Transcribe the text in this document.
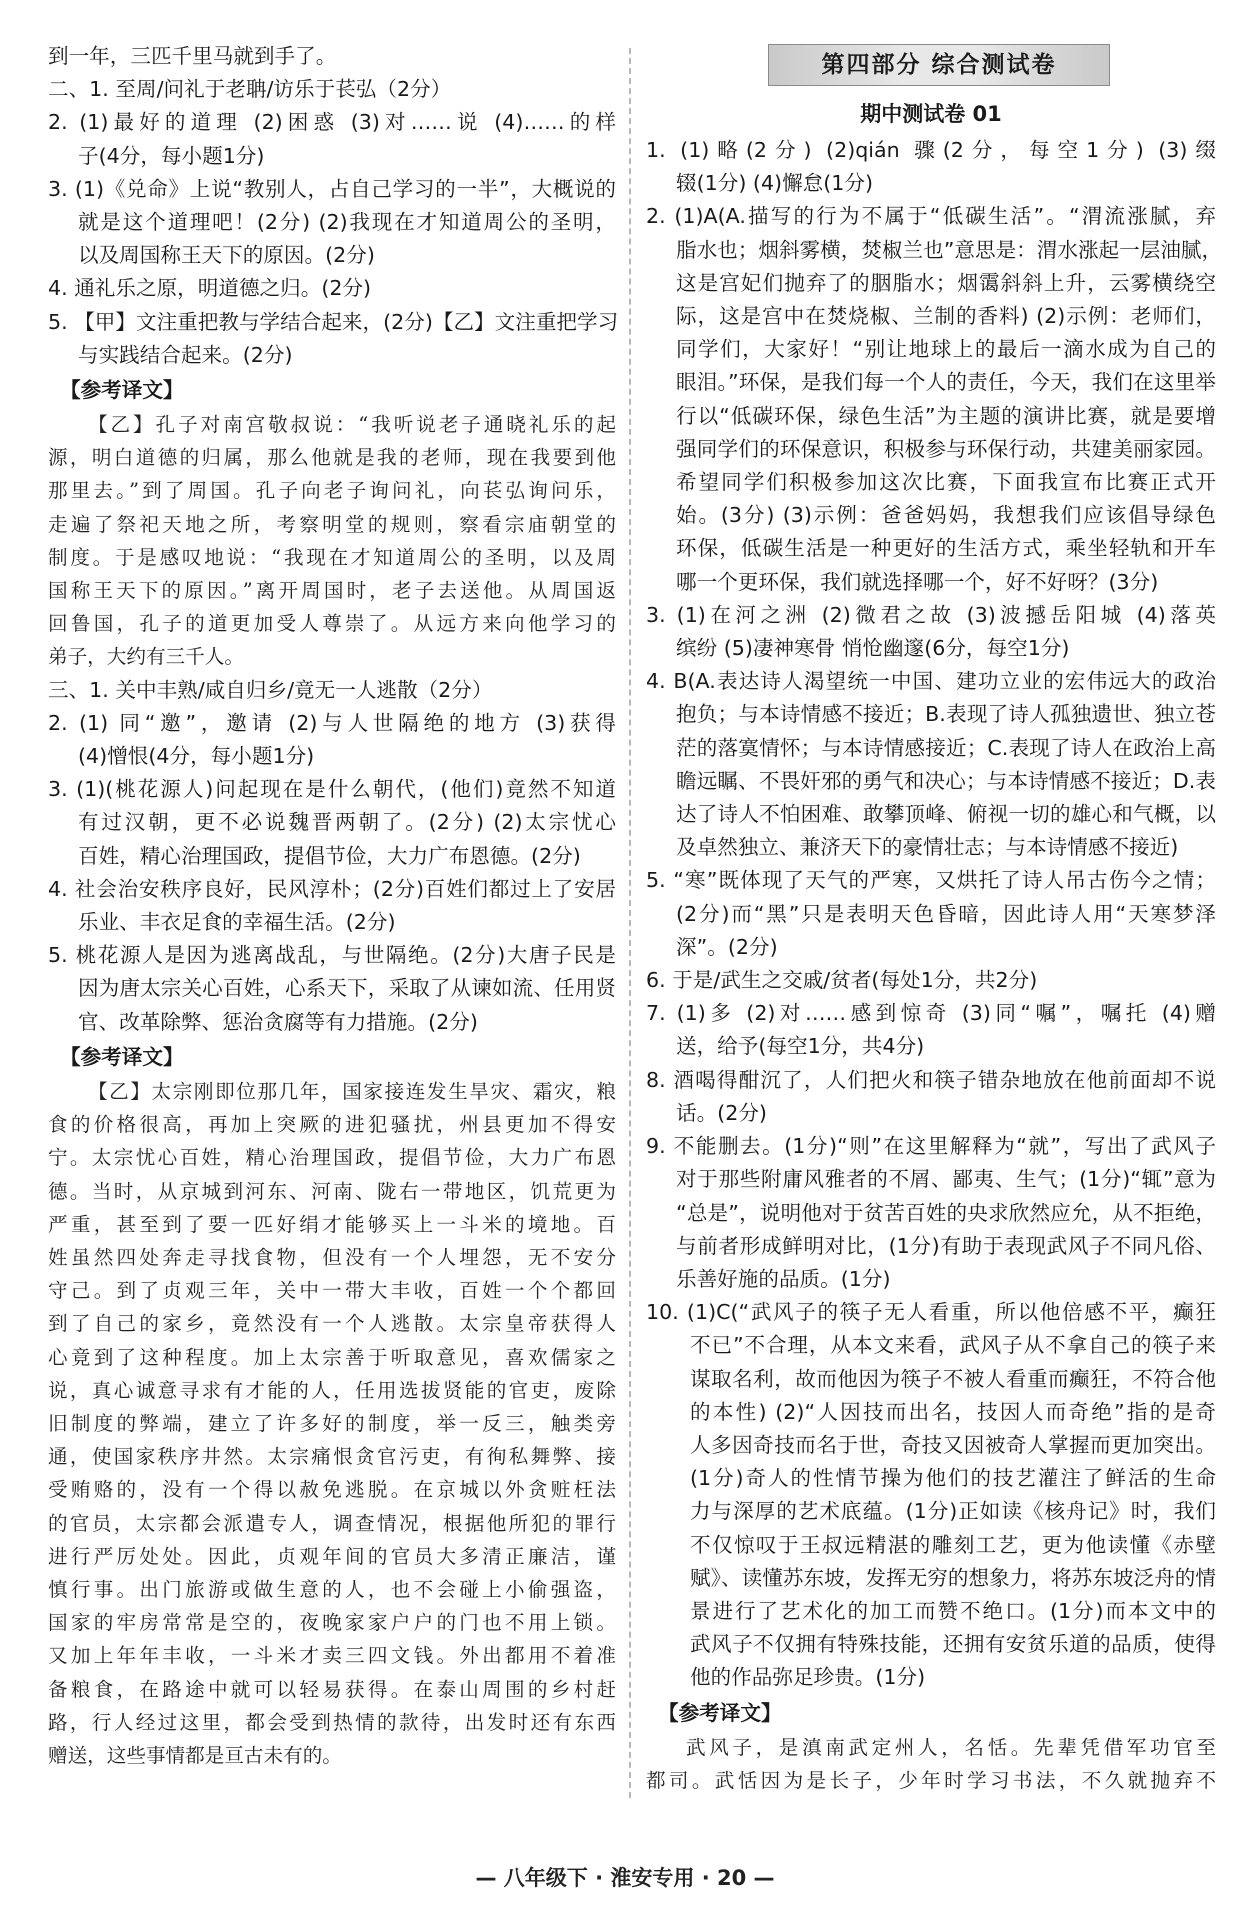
到一年，三匹千里马就到手了。
二、1. 至周/问礼于老聃/访乐于苌弘（2分）
2. (1)最好的道理 (2)困惑 (3)对……说 (4)……的样
子(4分，每小题1分)
3. (1)《兑命》上说“教别人，占自己学习的一半”，大概说的
就是这个道理吧！(2分) (2)我现在才知道周公的圣明，
以及周国称王天下的原因。(2分)
4. 通礼乐之原，明道德之归。(2分)
5. 【甲】文注重把教与学结合起来，(2分)【乙】文注重把学习
与实践结合起来。(2分)
【参考译文】
【乙】孔子对南宫敬叔说：“我听说老子通晓礼乐的起
源，明白道德的归属，那么他就是我的老师，现在我要到他
那里去。”到了周国。孔子向老子询问礼，向苌弘询问乐，
走遍了祭祀天地之所，考察明堂的规则，察看宗庙朝堂的
制度。于是感叹地说：“我现在才知道周公的圣明，以及周
国称王天下的原因。”离开周国时，老子去送他。从周国返
回鲁国，孔子的道更加受人尊崇了。从远方来向他学习的
弟子，大约有三千人。
三、1. 关中丰熟/咸自归乡/竟无一人逃散（2分）
2. (1) 同“邀”，邀请 (2)与人世隔绝的地方 (3)获得
(4)憎恨(4分，每小题1分)
3. (1)(桃花源人)问起现在是什么朝代，(他们)竟然不知道
有过汉朝，更不必说魏晋两朝了。(2分) (2)太宗忧心
百姓，精心治理国政，提倡节俭，大力广布恩德。(2分)
4. 社会治安秩序良好，民风淳朴；(2分)百姓们都过上了安居
乐业、丰衣足食的幸福生活。(2分)
5. 桃花源人是因为逃离战乱，与世隔绝。(2分)大唐子民是
因为唐太宗关心百姓，心系天下，采取了从谏如流、任用贤
官、改革除弊、惩治贪腐等有力措施。(2分)
【参考译文】
【乙】太宗刚即位那几年，国家接连发生旱灾、霜灾，粮
食的价格很高，再加上突厥的进犯骚扰，州县更加不得安
宁。太宗忧心百姓，精心治理国政，提倡节俭，大力广布恩
德。当时，从京城到河东、河南、陇右一带地区，饥荒更为
严重，甚至到了要一匹好绢才能够买上一斗米的境地。百
姓虽然四处奔走寻找食物，但没有一个人埋怨，无不安分
守己。到了贞观三年，关中一带大丰收，百姓一个个都回
到了自己的家乡，竟然没有一个人逃散。太宗皇帝获得人
心竟到了这种程度。加上太宗善于听取意见，喜欢儒家之
说，真心诚意寻求有才能的人，任用选拔贤能的官吏，废除
旧制度的弊端，建立了许多好的制度，举一反三，触类旁
通，使国家秩序井然。太宗痛恨贪官污吏，有徇私舞弊、接
受贿赂的，没有一个得以赦免逃脱。在京城以外贪赃枉法
的官员，太宗都会派遣专人，调查情况，根据他所犯的罪行
进行严厉处处。因此，贞观年间的官员大多清正廉洁，谨
慎行事。出门旅游或做生意的人，也不会碰上小偷强盗，
国家的牢房常常是空的，夜晚家家户户的门也不用上锁。
又加上年年丰收，一斗米才卖三四文钱。外出都用不着准
备粮食，在路途中就可以轻易获得。在泰山周围的乡村赶
路，行人经过这里，都会受到热情的款待，出发时还有东西
赠送，这些事情都是亘古未有的。
第四部分 综合测试卷
期中测试卷 01
1. (1)略(2分) (2)qián 骤(2分，每空1分) (3)缀
辍(1分) (4)懈怠(1分)
2. (1)A(A.描写的行为不属于“低碳生活”。“渭流涨腻，弃
脂水也；烟斜雾横，焚椒兰也”意思是：渭水涨起一层油腻，
这是宫妃们抛弃了的胭脂水；烟霭斜斜上升，云雾横绕空
际，这是宫中在焚烧椒、兰制的香料) (2)示例：老师们，
同学们，大家好！“别让地球上的最后一滴水成为自己的
眼泪。”环保，是我们每一个人的责任，今天，我们在这里举
行以“低碳环保，绿色生活”为主题的演讲比赛，就是要增
强同学们的环保意识，积极参与环保行动，共建美丽家园。
希望同学们积极参加这次比赛，下面我宣布比赛正式开
始。(3分) (3)示例：爸爸妈妈，我想我们应该倡导绿色
环保，低碳生活是一种更好的生活方式，乘坐轻轨和开车
哪一个更环保，我们就选择哪一个，好不好呀？(3分)
3. (1)在河之洲 (2)微君之故 (3)波撼岳阳城 (4)落英
缤纷 (5)凄神寒骨 悄怆幽邃(6分，每空1分)
4. B(A.表达诗人渴望统一中国、建功立业的宏伟远大的政治
抱负；与本诗情感不接近；B.表现了诗人孤独遗世、独立苍
茫的落寞情怀；与本诗情感接近；C.表现了诗人在政治上高
瞻远瞩、不畏奸邪的勇气和决心；与本诗情感不接近；D.表
达了诗人不怕困难、敢攀顶峰、俯视一切的雄心和气概，以
及卓然独立、兼济天下的豪情壮志；与本诗情感不接近)
5. “寒”既体现了天气的严寒，又烘托了诗人吊古伤今之情；
(2分)而“黑”只是表明天色昏暗，因此诗人用“天寒梦泽
深”。(2分)
6. 于是/武生之交戚/贫者(每处1分，共2分)
7. (1)多 (2)对……感到惊奇 (3)同“嘱”，嘱托 (4)赠
送，给予(每空1分，共4分)
8. 酒喝得酣沉了，人们把火和筷子错杂地放在他前面却不说
话。(2分)
9. 不能删去。(1分)“则”在这里解释为“就”，写出了武风子
对于那些附庸风雅者的不屑、鄙夷、生气；(1分)“辄”意为
“总是”，说明他对于贫苦百姓的央求欣然应允，从不拒绝，
与前者形成鲜明对比，(1分)有助于表现武风子不同凡俗、
乐善好施的品质。(1分)
10. (1)C(“武风子的筷子无人看重，所以他倍感不平，癫狂
不已”不合理，从本文来看，武风子从不拿自己的筷子来
谋取名利，故而他因为筷子不被人看重而癫狂，不符合他
的本性) (2)“人因技而出名，技因人而奇绝”指的是奇
人多因奇技而名于世，奇技又因被奇人掌握而更加突出。
(1分)奇人的性情节操为他们的技艺灌注了鲜活的生命
力与深厚的艺术底蕴。(1分)正如读《核舟记》时，我们
不仅惊叹于王叔远精湛的雕刻工艺，更为他读懂《赤壁
赋》、读懂苏东坡，发挥无穷的想象力，将苏东坡泛舟的情
景进行了艺术化的加工而赞不绝口。(1分)而本文中的
武风子不仅拥有特殊技能，还拥有安贫乐道的品质，使得
他的作品弥足珍贵。(1分)
【参考译文】
武风子，是滇南武定州人，名恬。先辈凭借军功官至
都司。武恬因为是长子，少年时学习书法，不久就抛弃不
— 八年级下 · 淮安专用 · 20 —
